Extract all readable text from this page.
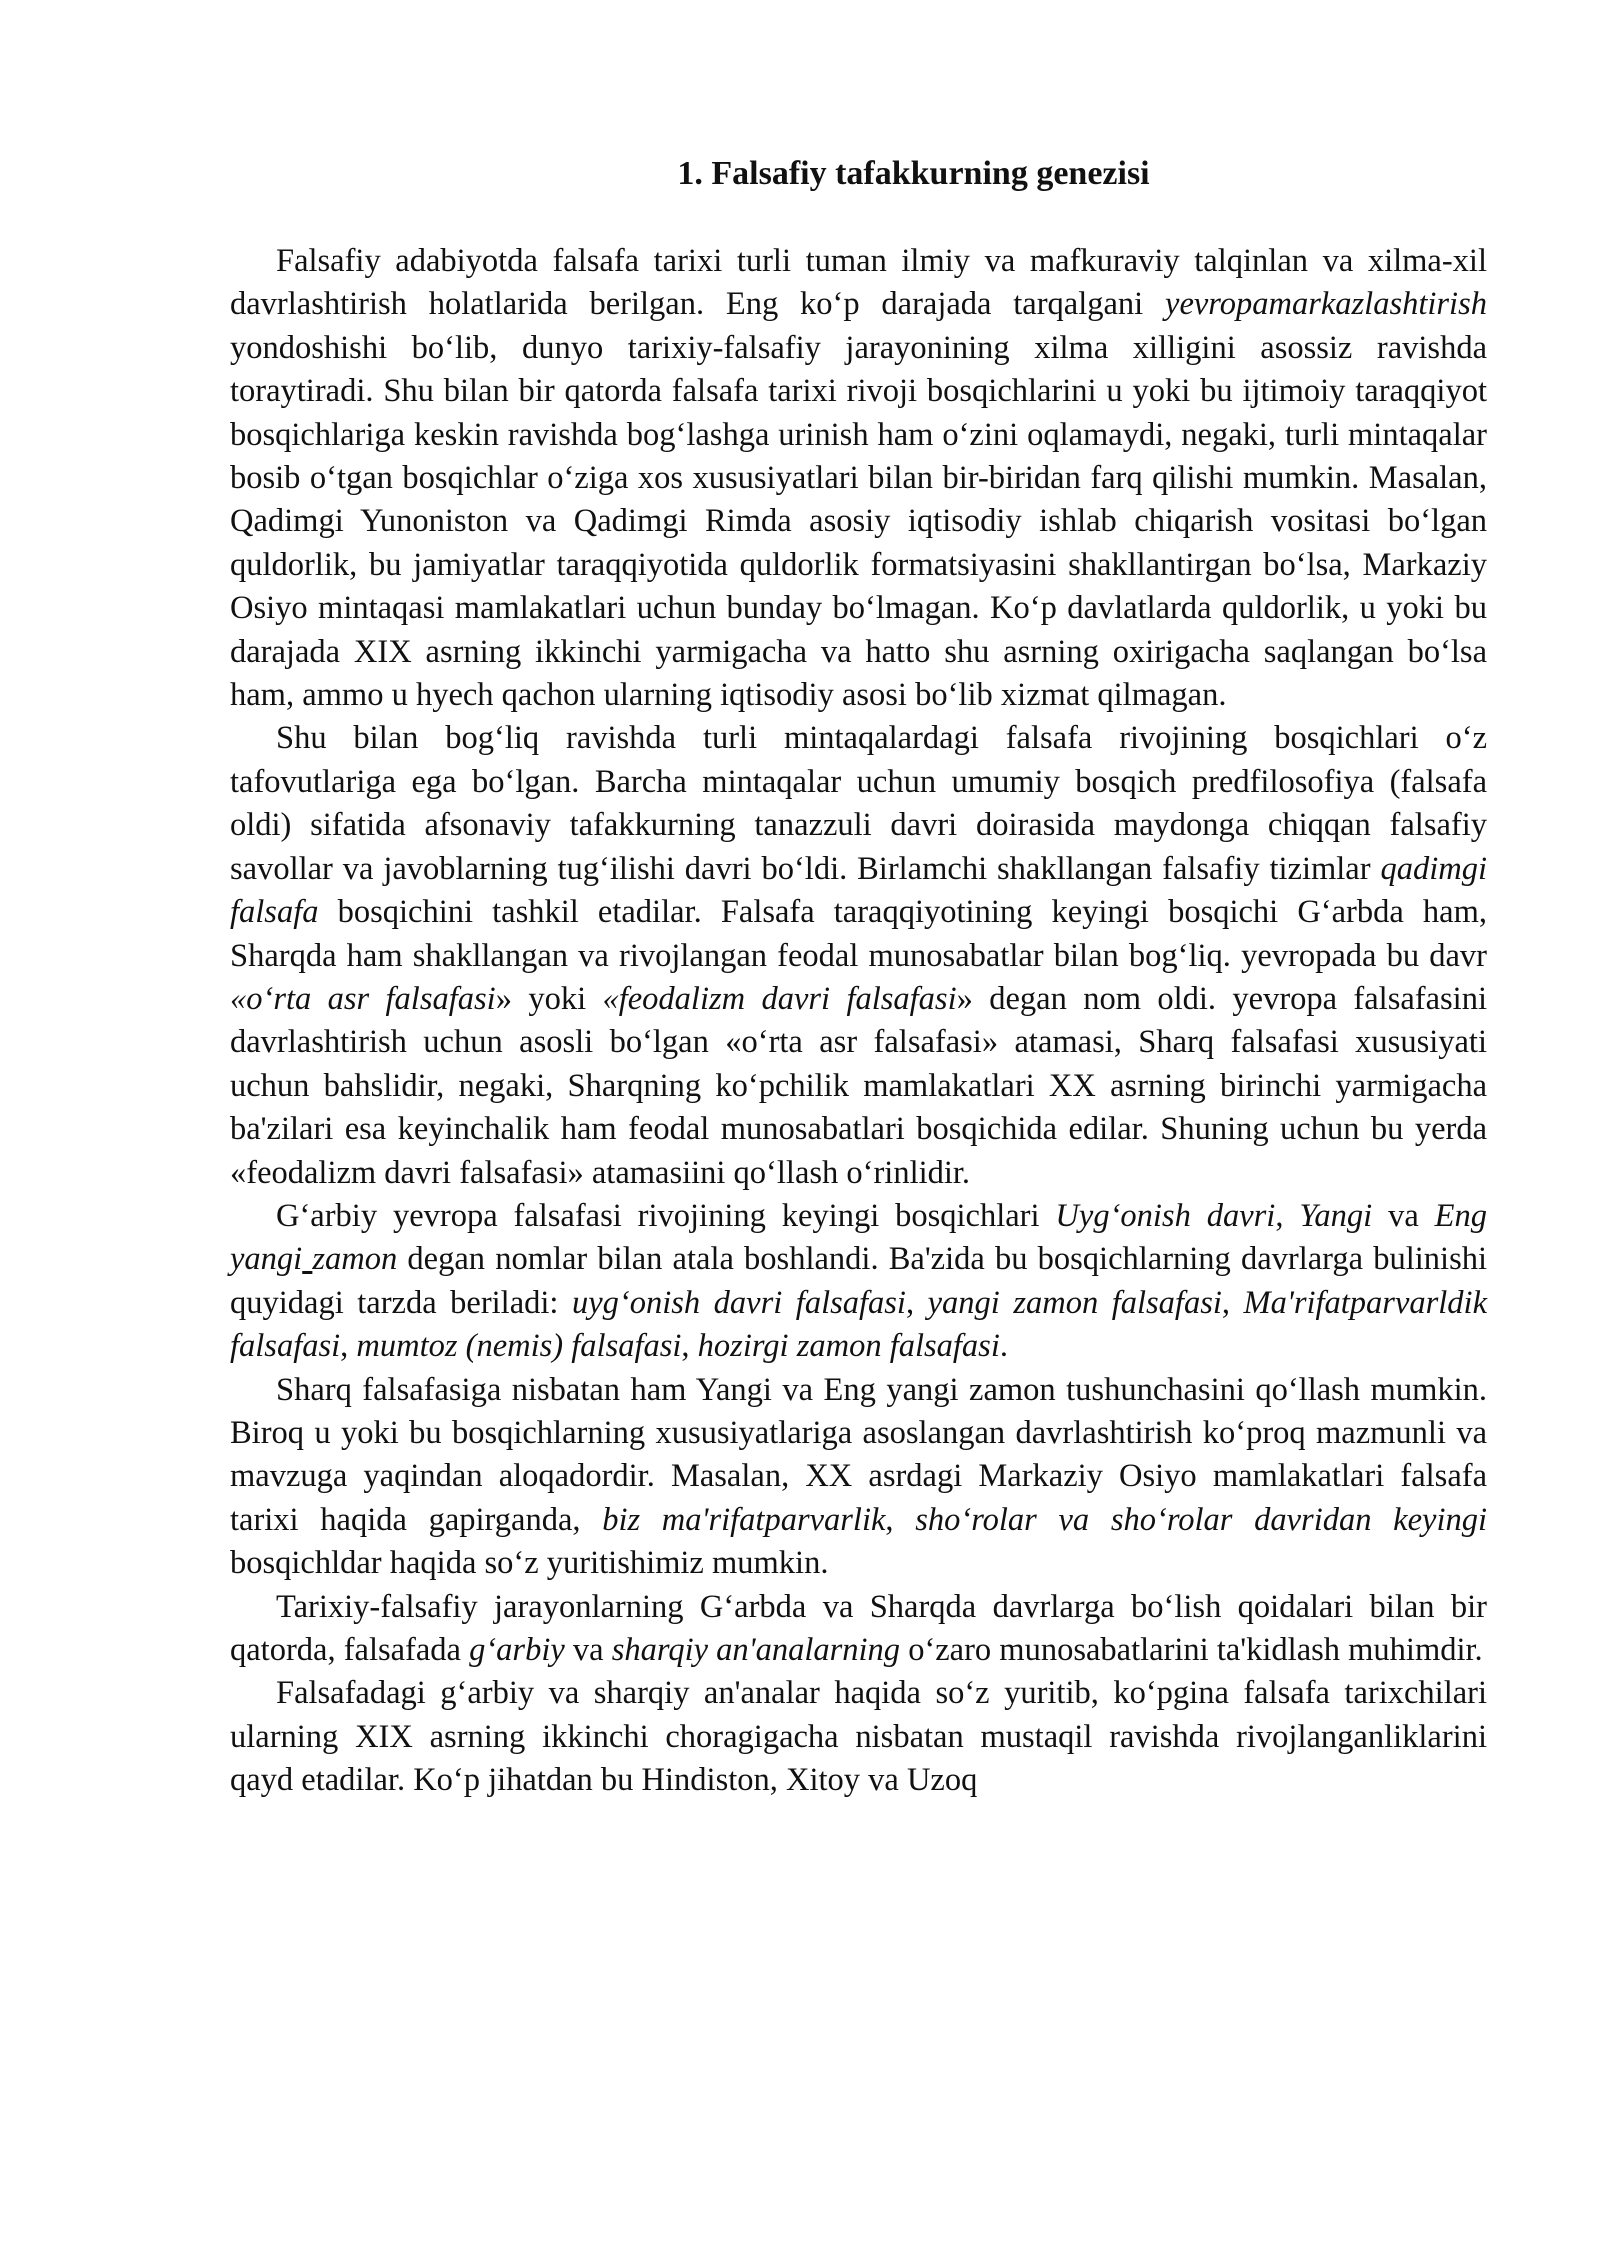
1. Falsafiy tafakkurning genezisi

Falsafiy adabiyotda falsafa tarixi turli tuman ilmiy va mafkuraviy talqinlan va xilma-xil davrlashtirish holatlarida berilgan. Eng ko‘p darajada tarqalgani yevropamarkazlashtirish yondoshishi bo‘lib, dunyo tarixiy-falsafiy jarayonining xilma xilligini asossiz ravishda toraytiradi. Shu bilan bir qatorda falsafa tarixi rivoji bosqichlarini u yoki bu ijtimoiy taraqqiyot bosqichlariga keskin ravishda bog‘lashga urinish ham o‘zini oqlamaydi, negaki, turli mintaqalar bosib o‘tgan bosqichlar o‘ziga xos xususiyatlari bilan bir-biridan farq qilishi mumkin. Masalan, Qadimgi Yunoniston va Qadimgi Rimda asosiy iqtisodiy ishlab chiqarish vositasi bo‘lgan quldorlik, bu jamiyatlar taraqqiyotida quldorlik formatsiyasini shakllantirgan bo‘lsa, Markaziy Osiyo mintaqasi mamlakatlari uchun bunday bo‘lmagan. Ko‘p davlatlarda quldorlik, u yoki bu darajada XIX asrning ikkinchi yarmigacha va hatto shu asrning oxirigacha saqlangan bo‘lsa ham, ammo u hyech qachon ularning iqtisodiy asosi bo‘lib xizmat qilmagan.

Shu bilan bog‘liq ravishda turli mintaqalardagi falsafa rivojining bosqichlari o‘z tafovutlariga ega bo‘lgan. Barcha mintaqalar uchun umumiy bosqich predfilosofiya (falsafa oldi) sifatida afsonaviy tafakkurning tanazzuli davri doirasida maydonga chiqqan falsafiy savollar va javoblarning tug‘ilishi davri bo‘ldi. Birlamchi shakllangan falsafiy tizimlar qadimgi falsafa bosqichini tashkil etadilar. Falsafa taraqqiyotining keyingi bosqichi G‘arbda ham, Sharqda ham shakllangan va rivojlangan feodal munosabatlar bilan bog‘liq. yevropada bu davr «o‘rta asr falsafasi» yoki «feodalizm davri falsafasi» degan nom oldi. yevropa falsafasini davrlashtirish uchun asosli bo‘lgan «o‘rta asr falsafasi» atamasi, Sharq falsafasi xususiyati uchun bahslidir, negaki, Sharqning ko‘pchilik mamlakatlari XX asrning birinchi yarmigacha ba'zilari esa keyinchalik ham feodal munosabatlari bosqichida edilar. Shuning uchun bu yerda «feodalizm davri falsafasi» atamasiini qo‘llash o‘rinlidir.

G‘arbiy yevropa falsafasi rivojining keyingi bosqichlari Uyg‘onish davri, Yangi va Eng yangi zamon degan nomlar bilan atala boshlandi. Ba'zida bu bosqichlarning davrlarga bulinishi quyidagi tarzda beriladi: uyg‘onish davri falsafasi, yangi zamon falsafasi, Ma'rifatparvarldik falsafasi, mumtoz (nemis) falsafasi, hozirgi zamon falsafasi.

Sharq falsafasiga nisbatan ham Yangi va Eng yangi zamon tushunchasini qo‘llash mumkin. Biroq u yoki bu bosqichlarning xususiyatlariga asoslangan davrlashtirish ko‘proq mazmunli va mavzuga yaqindan aloqadordir. Masalan, XX asrdagi Markaziy Osiyo mamlakatlari falsafa tarixi haqida gapirganda, biz ma'rifatparvarlik, sho‘rolar va sho‘rolar davridan keyingi bosqichldar haqida so‘z yuritishimiz mumkin.

Tarixiy-falsafiy jarayonlarning G‘arbda va Sharqda davrlarga bo‘lish qoidalari bilan bir qatorda, falsafada g‘arbiy va sharqiy an'analarning o‘zaro munosabatlarini ta'kidlash muhimdir.

Falsafadagi g‘arbiy va sharqiy an'analar haqida so‘z yuritib, ko‘pgina falsafa tarixchilari ularning XIX asrning ikkinchi choragigacha nisbatan mustaqil ravishda rivojlanganliklarini qayd etadilar. Ko‘p jihatdan bu Hindiston, Xitoy va Uzoq
